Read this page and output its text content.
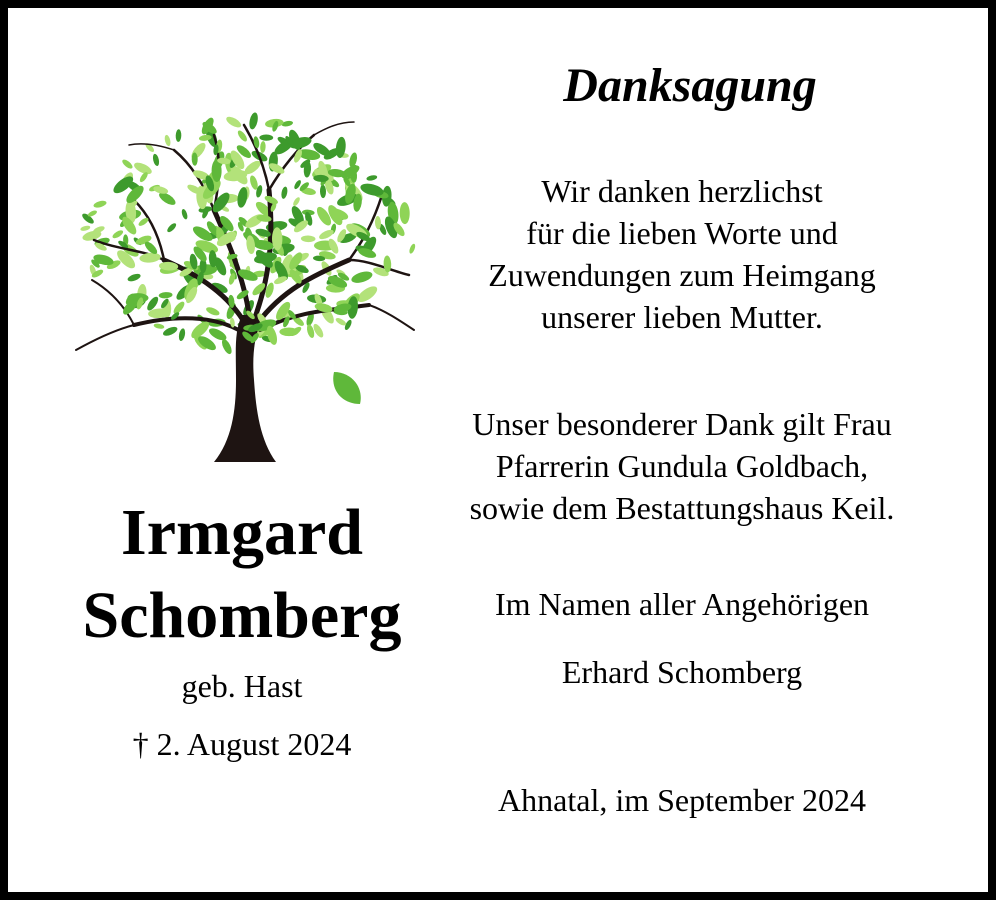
Irmgard
Schomberg
geb. Hast
† 2. August 2024
Danksagung
Wir danken herzlichst
für die lieben Worte und
Zuwendungen zum Heimgang
unserer lieben Mutter.
Unser besonderer Dank gilt Frau
Pfarrerin Gundula Goldbach,
sowie dem Bestattungshaus Keil.
Im Namen aller Angehörigen
Erhard Schomberg
Ahnatal, im September 2024
